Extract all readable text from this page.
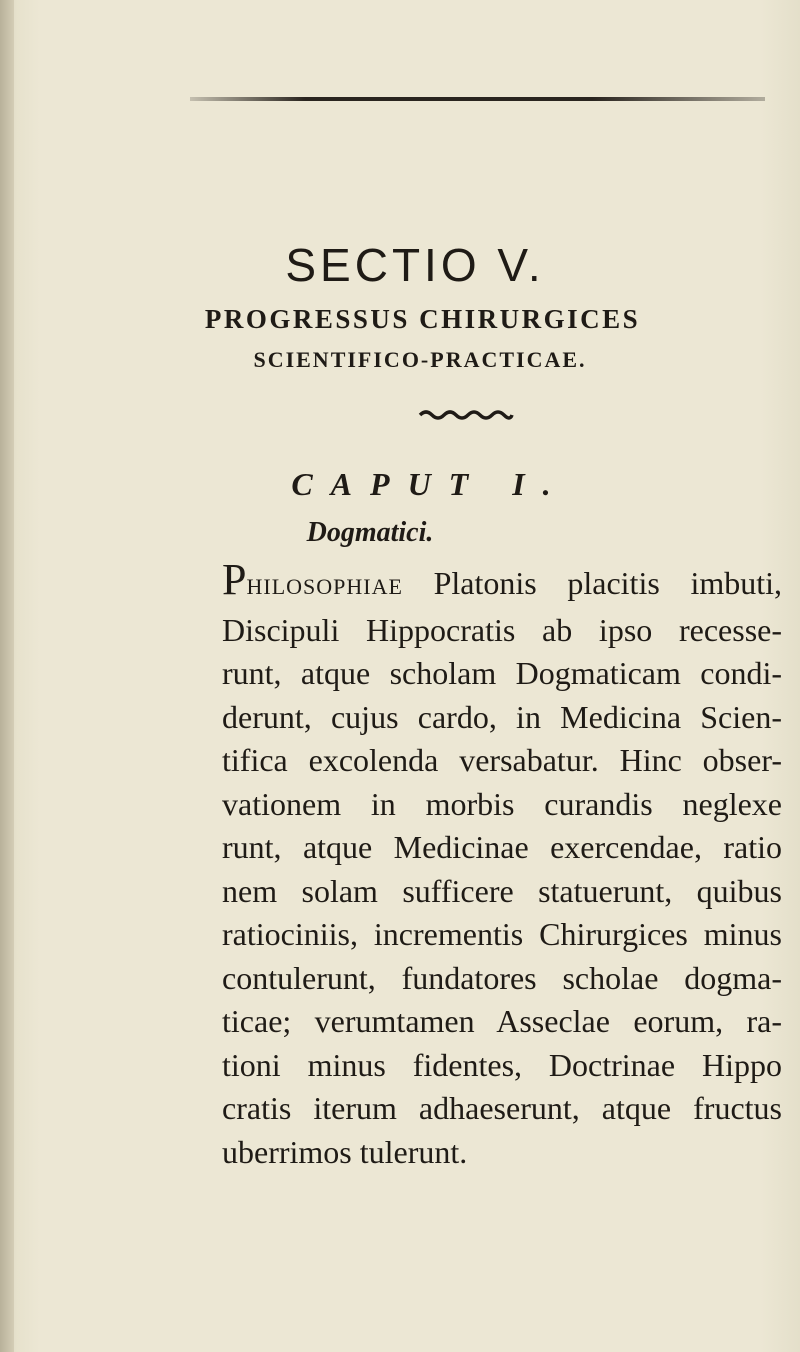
SECTIO V.
PROGRESSUS CHIRURGICES
SCIENTIFICO-PRACTICAE.
CAPUT I.
Dogmatici.
PHILOSOPHIAE Platonis placitis imbuti,
Discipuli Hippocratis ab ipso recesse-
runt, atque scholam Dogmaticam condi-
derunt, cujus cardo, in Medicina Scien-
tifica excolenda versabatur. Hinc obser-
vationem in morbis curandis neglexe
runt, atque Medicinae exercendae, ratio
nem solam sufficere statuerunt, quibus
ratiociniis, incrementis Chirurgices minus
contulerunt, fundatores scholae dogma-
ticae; verumtamen Asseclae eorum, ra-
tioni minus fidentes, Doctrinae Hippo
cratis iterum adhaeserunt, atque fructus
uberrimos tulerunt.
